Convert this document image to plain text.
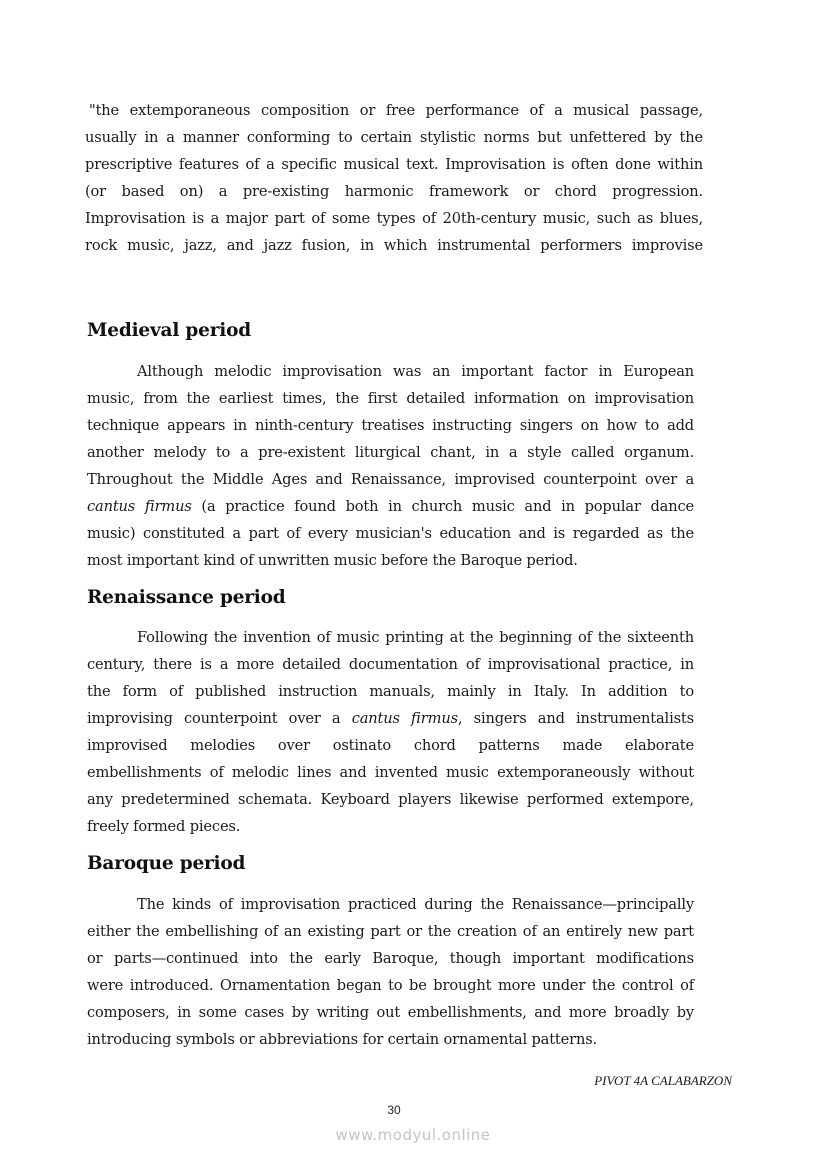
"the extemporaneous composition or free performance of a musical passage,
usually in a manner conforming to certain stylistic norms but unfettered by the
prescriptive features of a specific musical text. Improvisation is often done within
(or based on) a pre-existing harmonic framework or chord progression.
Improvisation is a major part of some types of 20th-century music, such as blues,
rock music, jazz, and jazz fusion, in which instrumental performers improvise
Medieval period
Although melodic improvisation was an important factor in European
music, from the earliest times, the first detailed information on improvisation
technique appears in ninth-century treatises instructing singers on how to add
another melody to a pre-existent liturgical chant, in a style called organum.
Throughout the Middle Ages and Renaissance, improvised counterpoint over a
cantus firmus (a practice found both in church music and in popular dance
music) constituted a part of every musician's education and is regarded as the
most important kind of unwritten music before the Baroque period.
Renaissance period
Following the invention of music printing at the beginning of the sixteenth
century, there is a more detailed documentation of improvisational practice, in
the form of published instruction manuals, mainly in Italy. In addition to
improvising counterpoint over a cantus firmus, singers and instrumentalists
improvised melodies over ostinato chord patterns made elaborate
embellishments of melodic lines and invented music extemporaneously without
any predetermined schemata. Keyboard players likewise performed extempore,
freely formed pieces.
Baroque period
The kinds of improvisation practiced during the Renaissance—principally
either the embellishing of an existing part or the creation of an entirely new part
or parts—continued into the early Baroque, though important modifications
were introduced. Ornamentation began to be brought more under the control of
composers, in some cases by writing out embellishments, and more broadly by
introducing symbols or abbreviations for certain ornamental patterns.
PIVOT 4A CALABARZON
30
www.modyul.online
